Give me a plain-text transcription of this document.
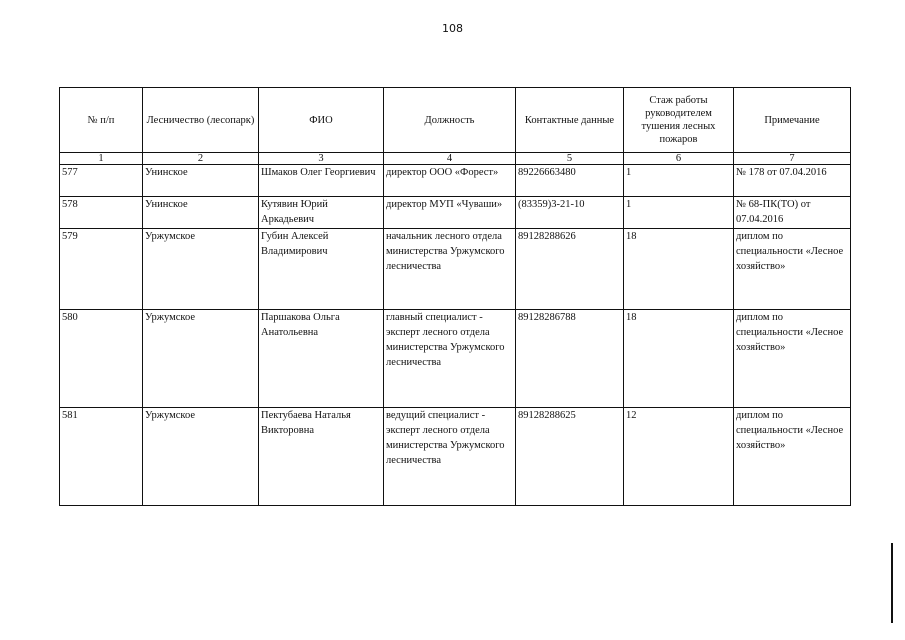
108
№ п/п	Лесничество (лесопарк)	ФИО	Должность	Контактные данные	Стаж работы руководителем тушения лесных пожаров	Примечание
1	2	3	4	5	6	7
577	Унинское	Шмаков Олег Георгиевич	директор ООО «Форест»	89226663480	1	№ 178 от 07.04.2016
578	Унинское	Кутявин Юрий Аркадьевич	директор МУП «Чуваши»	(83359)3-21-10	1	№ 68-ПК(ТО) от 07.04.2016
579	Уржумское	Губин Алексей Владимирович	начальник лесного отдела министерства Уржумского лесничества	89128288626	18	диплом по специальности «Лесное хозяйство»
580	Уржумское	Паршакова Ольга Анатольевна	главный специалист - эксперт лесного отдела министерства Уржумского лесничества	89128286788	18	диплом по специальности «Лесное хозяйство»
581	Уржумское	Пектубаева Наталья Викторовна	ведущий специалист - эксперт лесного отдела министерства Уржумского лесничества	89128288625	12	диплом по специальности «Лесное хозяйство»
